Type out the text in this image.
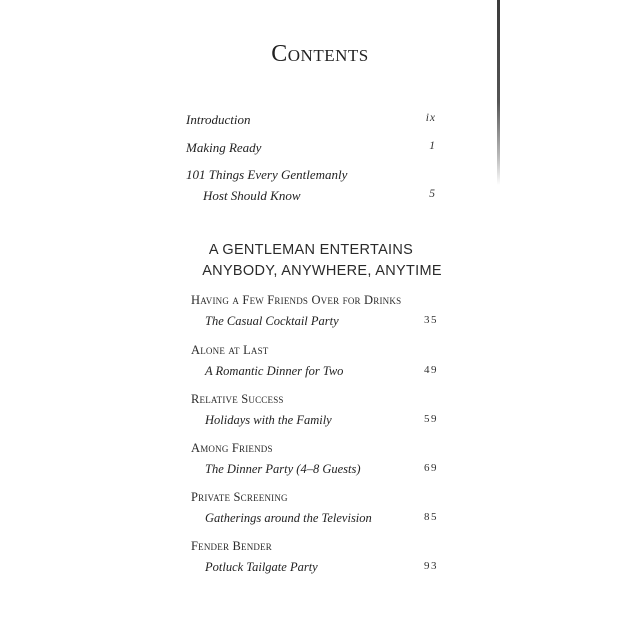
Contents
Introduction	ix
Making Ready	1
101 Things Every Gentlemanly
Host Should Know	5
A GENTLEMAN ENTERTAINS
ANYBODY, ANYWHERE, ANYTIME
Having a Few Friends Over for Drinks
The Casual Cocktail Party	35
Alone at Last
A Romantic Dinner for Two	49
Relative Success
Holidays with the Family	59
Among Friends
The Dinner Party (4–8 Guests)	69
Private Screening
Gatherings around the Television	85
Fender Bender
Potluck Tailgate Party	93
